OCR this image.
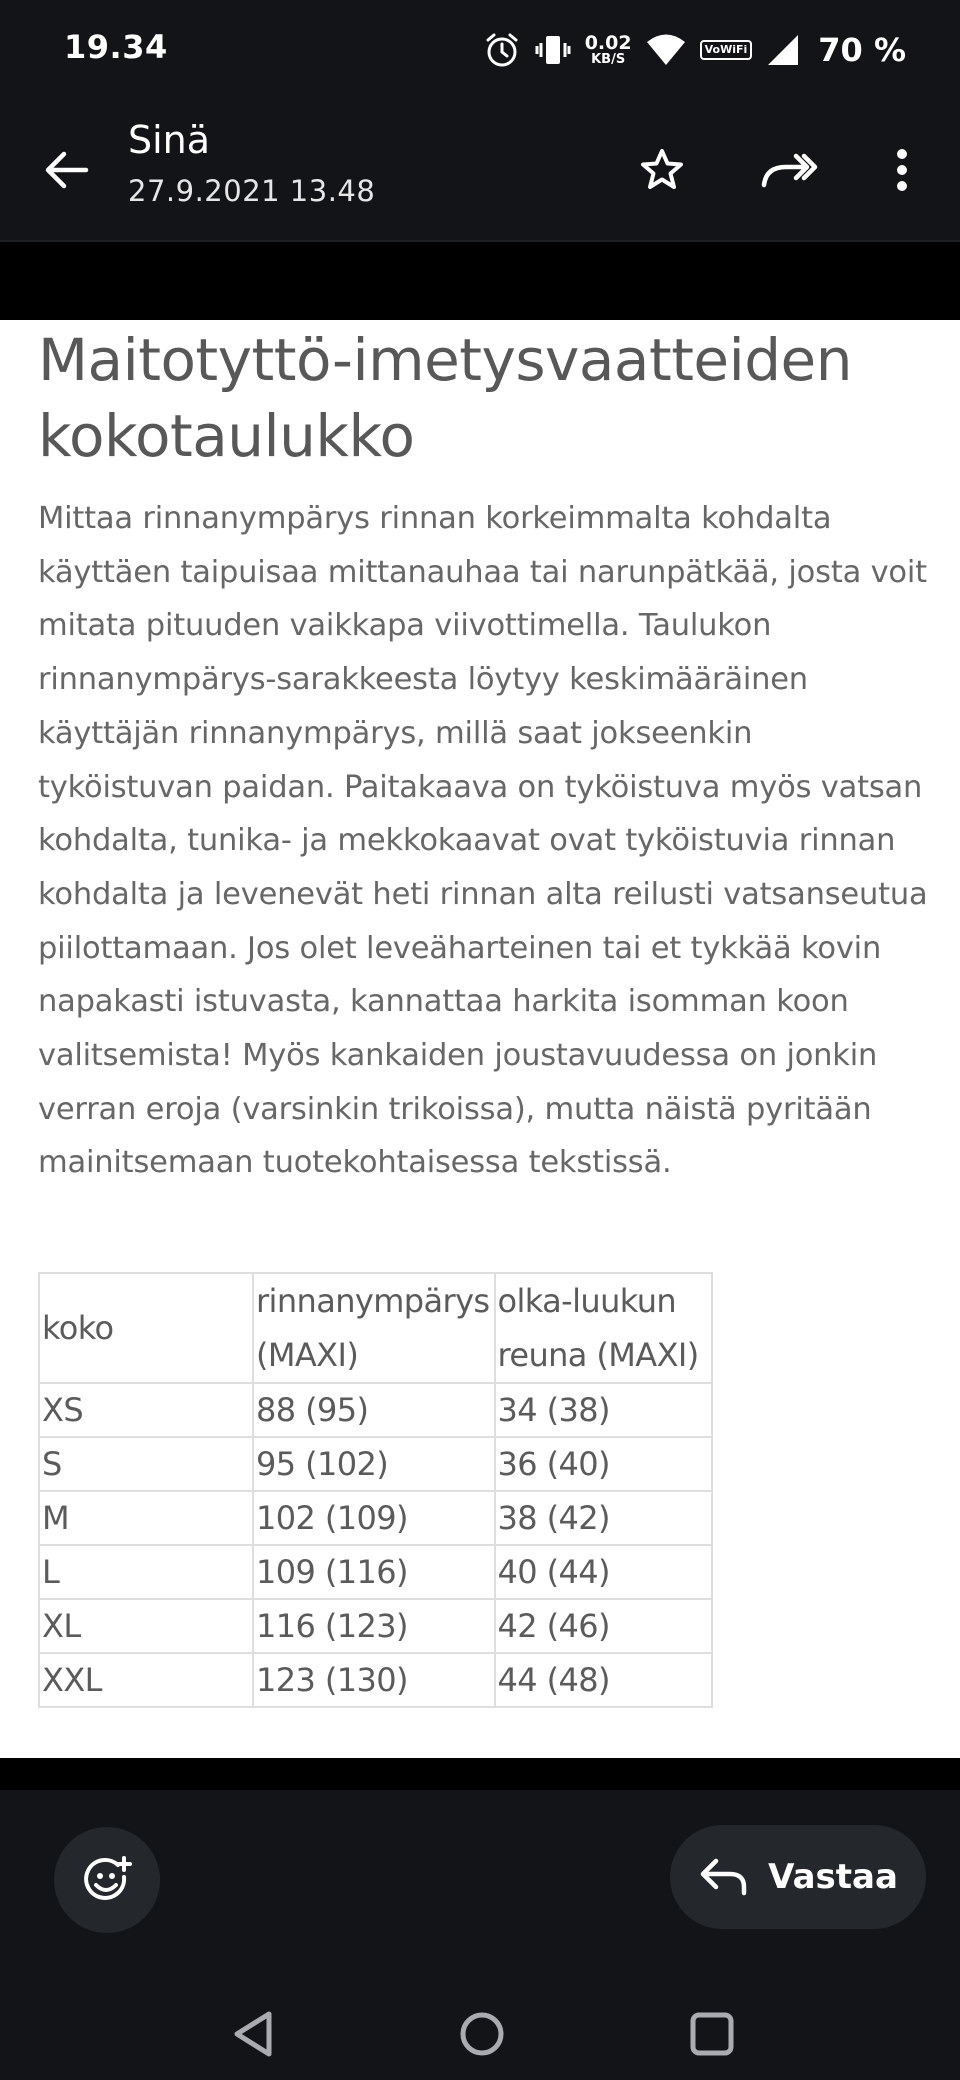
19.34	0.02
KB/S
Vo WiFi 70 %
Sinä
27.9.2021 13.48
Maitotyttö-imetysvaatteiden kokotaulukko

Mittaa rinnanympärys rinnan korkeimmalta kohdalta käyttäen taipuisaa mittanauhaa tai narunpätkää, josta voit mitata pituuden vaikkapa viivottimella. Taulukon rinnanympärys-sarakkeesta löytyy keskimääräinen käyttäjän rinnanympärys, millä saat jokseenkin tyköistuvan paidan. Paitakaava on tyköistuva myös vatsan kohdalta, tunika- ja mekkokaavat ovat tyköistuvia rinnan kohdalta ja levenevät heti rinnan alta reilusti vatsanseutua piilottamaan. Jos olet leveäharteinen tai et tykkää kovin napakasti istuvasta, kannattaa harkita isomman koon valitsemista! Myös kankaiden joustavuudessa on jonkin verran eroja (varsinkin trikoissa), mutta näistä pyritään mainitsemaan tuotekohtaisessa tekstissä.

koko	rinnanympärys (MAXI)	olka-luukun reuna (MAXI)
XS	88 (95)	34 (38)
S	95 (102)	36 (40)
M	102 (109)	38 (42)
L	109 (116)	40 (44)
XL	116 (123)	42 (46)
XXL	123 (130)	44 (48)
Vastaa
